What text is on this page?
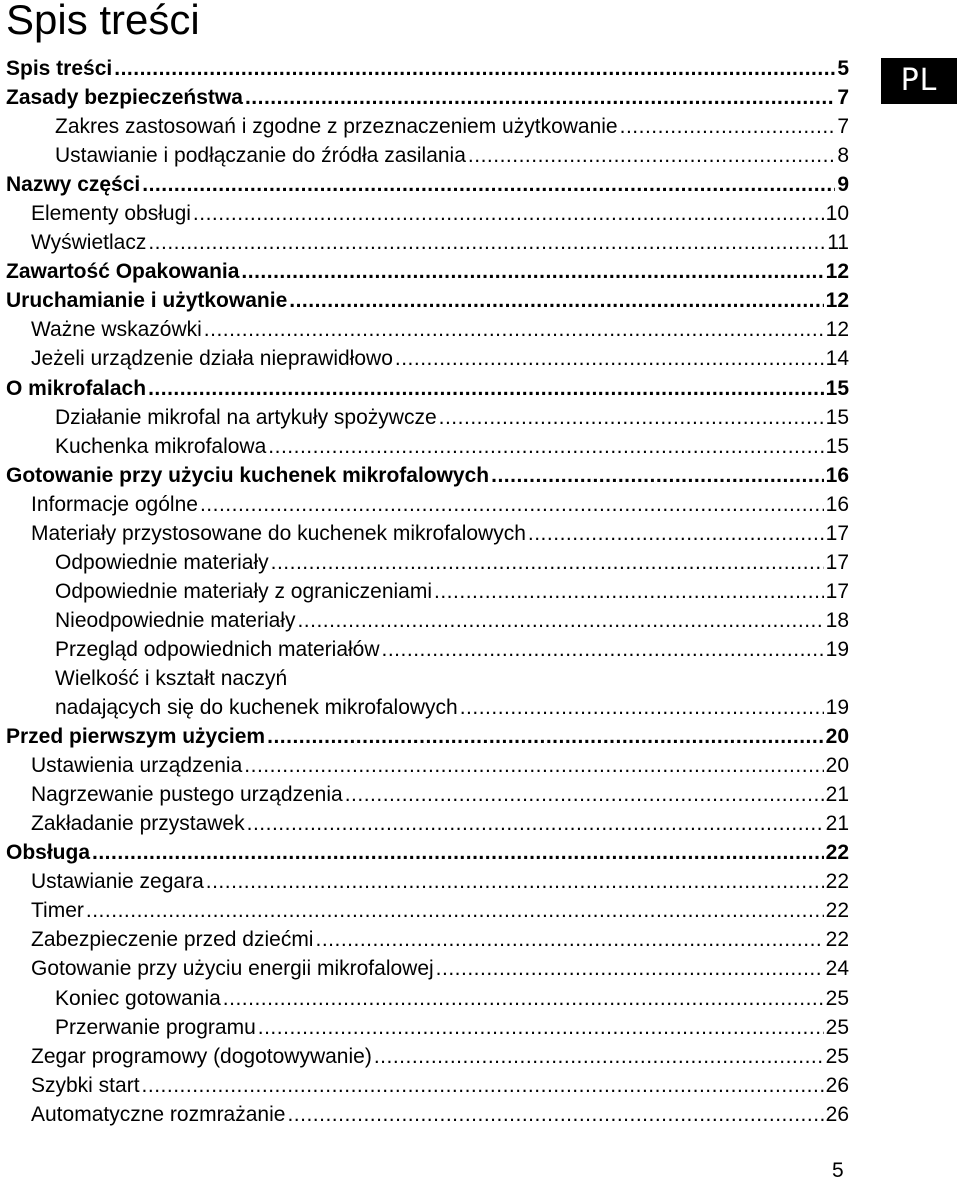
Spis treści
Spis treści .....	5
Zasady bezpieczeństwa .....	7
Zakres zastosowań i zgodne z przeznaczeniem użytkowanie .....	7
Ustawianie i podłączanie do źródła zasilania .....	8
Nazwy części .....	9
Elementy obsługi .....	10
Wyświetlacz .....	11
Zawartość Opakowania .....	12
Uruchamianie i użytkowanie .....	12
Ważne wskazówki .....	12
Jeżeli urządzenie działa nieprawidłowo .....	14
O mikrofalach .....	15
Działanie mikrofal na artykuły spożywcze .....	15
Kuchenka mikrofalowa .....	15
Gotowanie przy użyciu kuchenek mikrofalowych .....	16
Informacje ogólne .....	16
Materiały przystosowane do kuchenek mikrofalowych .....	17
Odpowiednie materiały .....	17
Odpowiednie materiały z ograniczeniami .....	17
Nieodpowiednie materiały .....	18
Przegląd odpowiednich materiałów .....	19
Wielkość i kształt naczyń
nadających się do kuchenek mikrofalowych .....	19
Przed pierwszym użyciem .....	20
Ustawienia urządzenia .....	20
Nagrzewanie pustego urządzenia .....	21
Zakładanie przystawek .....	21
Obsługa .....	22
Ustawianie zegara .....	22
Timer .....	22
Zabezpieczenie przed dziećmi .....	22
Gotowanie przy użyciu energii mikrofalowej .....	24
Koniec gotowania .....	25
Przerwanie programu .....	25
Zegar programowy (dogotowywanie) .....	25
Szybki start .....	26
Automatyczne rozmrażanie .....	26
PL
5
